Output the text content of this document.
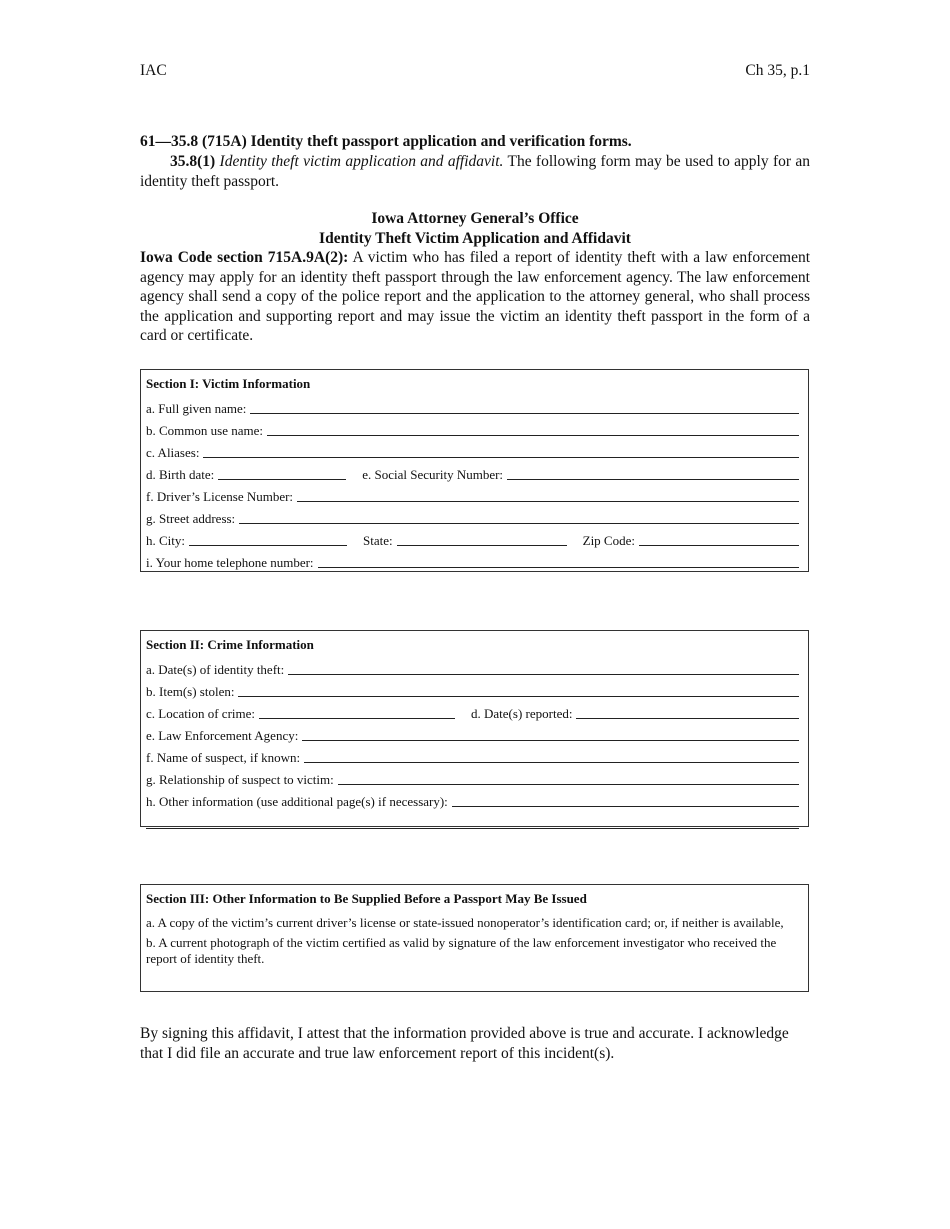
IAC	Ch 35, p.1
61—35.8 (715A) Identity theft passport application and verification forms.
35.8(1) Identity theft victim application and affidavit. The following form may be used to apply for an identity theft passport.
Iowa Attorney General’s Office
Identity Theft Victim Application and Affidavit
Iowa Code section 715A.9A(2): A victim who has filed a report of identity theft with a law enforcement agency may apply for an identity theft passport through the law enforcement agency. The law enforcement agency shall send a copy of the police report and the application to the attorney general, who shall process the application and supporting report and may issue the victim an identity theft passport in the form of a card or certificate.
Section I: Victim Information
a. Full given name:
b. Common use name:
c. Aliases:
d. Birth date:	e. Social Security Number:
f. Driver’s License Number:
g. Street address:
h. City:	State:	Zip Code:
i. Your home telephone number:
Section II: Crime Information
a. Date(s) of identity theft:
b. Item(s) stolen:
c. Location of crime:	d. Date(s) reported:
e. Law Enforcement Agency:
f. Name of suspect, if known:
g. Relationship of suspect to victim:
h. Other information (use additional page(s) if necessary):
Section III: Other Information to Be Supplied Before a Passport May Be Issued
a. A copy of the victim’s current driver’s license or state-issued nonoperator’s identification card; or, if neither is available,
b. A current photograph of the victim certified as valid by signature of the law enforcement investigator who received the report of identity theft.
By signing this affidavit, I attest that the information provided above is true and accurate. I acknowledge that I did file an accurate and true law enforcement report of this incident(s).
